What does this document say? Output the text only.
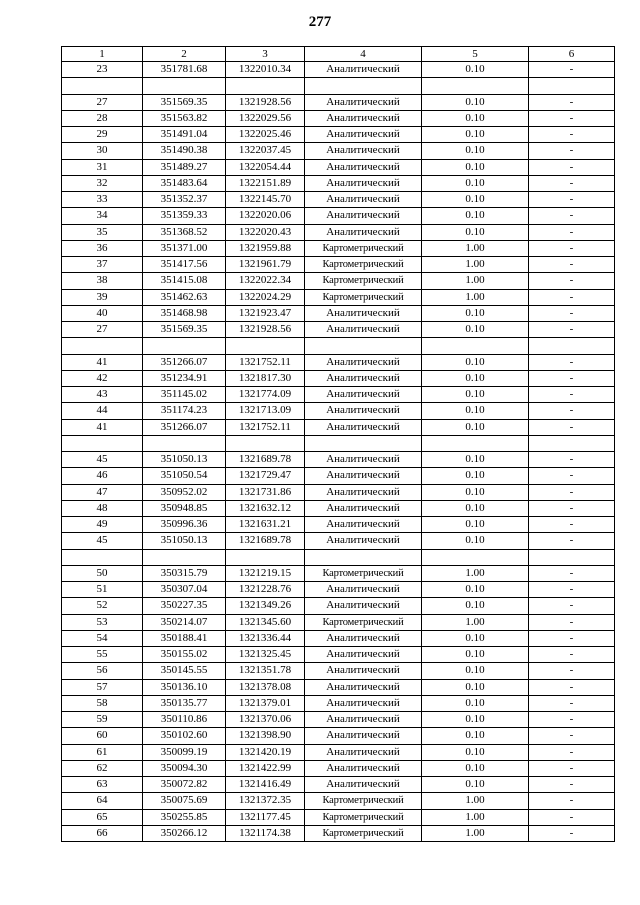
277
1	2	3	4	5	6
23	351781.68	1322010.34	Аналитический	0.10	-

27	351569.35	1321928.56	Аналитический	0.10	-
28	351563.82	1322029.56	Аналитический	0.10	-
29	351491.04	1322025.46	Аналитический	0.10	-
30	351490.38	1322037.45	Аналитический	0.10	-
31	351489.27	1322054.44	Аналитический	0.10	-
32	351483.64	1322151.89	Аналитический	0.10	-
33	351352.37	1322145.70	Аналитический	0.10	-
34	351359.33	1322020.06	Аналитический	0.10	-
35	351368.52	1322020.43	Аналитический	0.10	-
36	351371.00	1321959.88	Картометрический	1.00	-
37	351417.56	1321961.79	Картометрический	1.00	-
38	351415.08	1322022.34	Картометрический	1.00	-
39	351462.63	1322024.29	Картометрический	1.00	-
40	351468.98	1321923.47	Аналитический	0.10	-
27	351569.35	1321928.56	Аналитический	0.10	-

41	351266.07	1321752.11	Аналитический	0.10	-
42	351234.91	1321817.30	Аналитический	0.10	-
43	351145.02	1321774.09	Аналитический	0.10	-
44	351174.23	1321713.09	Аналитический	0.10	-
41	351266.07	1321752.11	Аналитический	0.10	-

45	351050.13	1321689.78	Аналитический	0.10	-
46	351050.54	1321729.47	Аналитический	0.10	-
47	350952.02	1321731.86	Аналитический	0.10	-
48	350948.85	1321632.12	Аналитический	0.10	-
49	350996.36	1321631.21	Аналитический	0.10	-
45	351050.13	1321689.78	Аналитический	0.10	-

50	350315.79	1321219.15	Картометрический	1.00	-
51	350307.04	1321228.76	Аналитический	0.10	-
52	350227.35	1321349.26	Аналитический	0.10	-
53	350214.07	1321345.60	Картометрический	1.00	-
54	350188.41	1321336.44	Аналитический	0.10	-
55	350155.02	1321325.45	Аналитический	0.10	-
56	350145.55	1321351.78	Аналитический	0.10	-
57	350136.10	1321378.08	Аналитический	0.10	-
58	350135.77	1321379.01	Аналитический	0.10	-
59	350110.86	1321370.06	Аналитический	0.10	-
60	350102.60	1321398.90	Аналитический	0.10	-
61	350099.19	1321420.19	Аналитический	0.10	-
62	350094.30	1321422.99	Аналитический	0.10	-
63	350072.82	1321416.49	Аналитический	0.10	-
64	350075.69	1321372.35	Картометрический	1.00	-
65	350255.85	1321177.45	Картометрический	1.00	-
66	350266.12	1321174.38	Картометрический	1.00	-
